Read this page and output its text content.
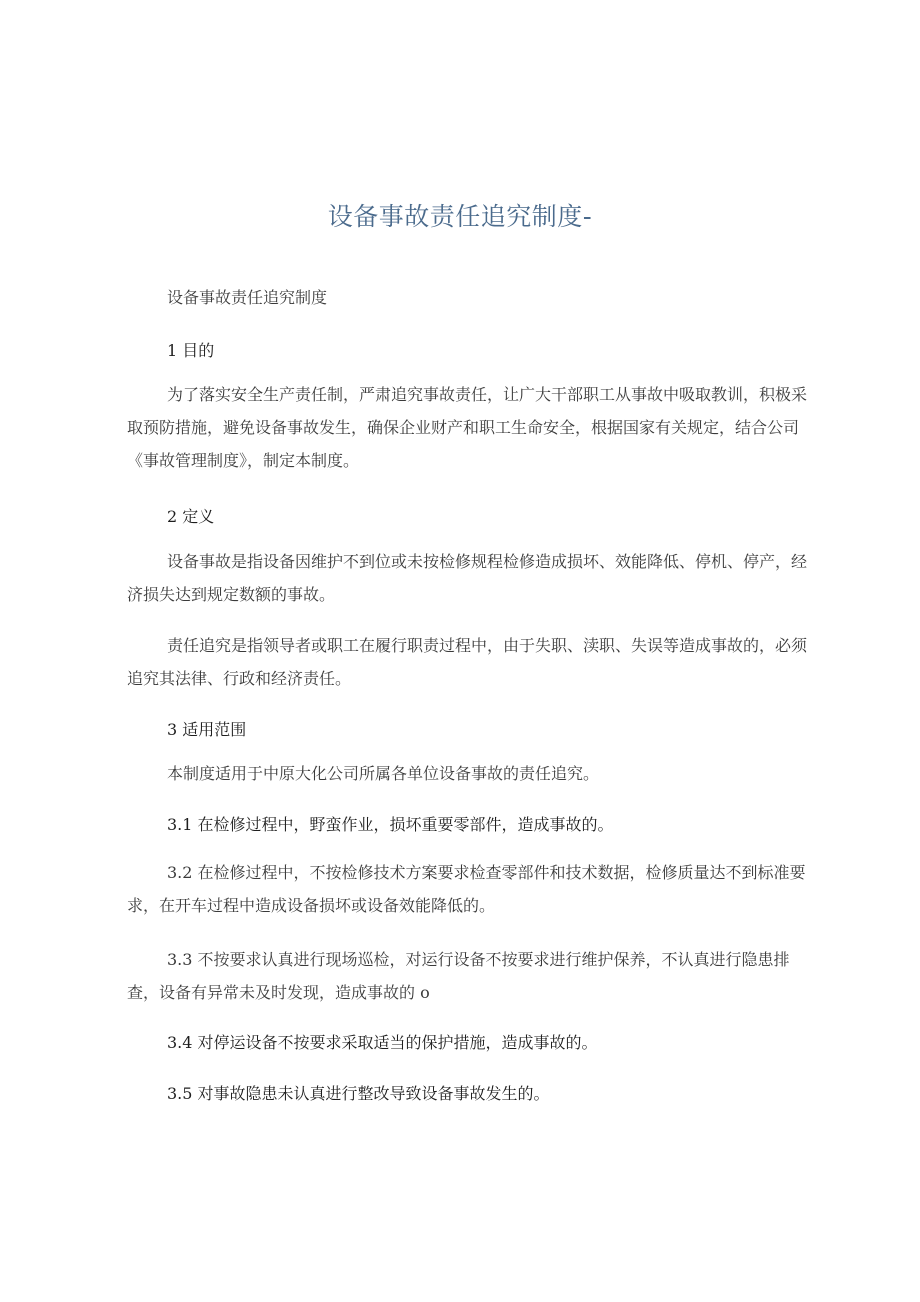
设备事故责任追究制度-
设备事故责任追究制度
1 目的
为了落实安全生产责任制，严肃追究事故责任，让广大干部职工从事故中吸取教训，积极采取预防措施，避免设备事故发生，确保企业财产和职工生命安全，根据国家有关规定，结合公司《事故管理制度》，制定本制度。
2 定义
设备事故是指设备因维护不到位或未按检修规程检修造成损坏、效能降低、停机、停产，经济损失达到规定数额的事故。
责任追究是指领导者或职工在履行职责过程中，由于失职、渎职、失误等造成事故的，必须追究其法律、行政和经济责任。
3 适用范围
本制度适用于中原大化公司所属各单位设备事故的责任追究。
3.1 在检修过程中，野蛮作业，损坏重要零部件，造成事故的。
3.2 在检修过程中，不按检修技术方案要求检查零部件和技术数据，检修质量达不到标准要求，在开车过程中造成设备损坏或设备效能降低的。
3.3 不按要求认真进行现场巡检，对运行设备不按要求进行维护保养，不认真进行隐患排查，设备有异常未及时发现，造成事故的 o
3.4 对停运设备不按要求采取适当的保护措施，造成事故的。
3.5 对事故隐患未认真进行整改导致设备事故发生的。
